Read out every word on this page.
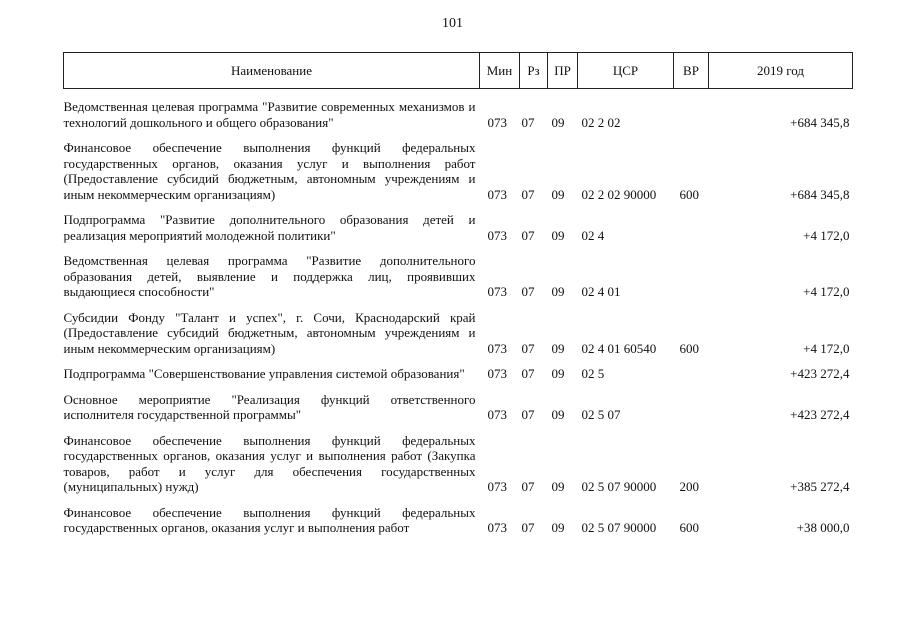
101
Наименование	Мин	Рз	ПР	ЦСР	ВР	2019 год
Ведомственная целевая программа "Развитие современных механизмов и технологий дошкольного и общего образования"	073	07	09	02 2 02		+684 345,8
Финансовое обеспечение выполнения функций федеральных государственных органов, оказания услуг и выполнения работ (Предоставление субсидий бюджетным, автономным учреждениям и иным некоммерческим организациям)	073	07	09	02 2 02 90000	600	+684 345,8
Подпрограмма "Развитие дополнительного образования детей и реализация мероприятий молодежной политики"	073	07	09	02 4		+4 172,0
Ведомственная целевая программа "Развитие дополнительного образования детей, выявление и поддержка лиц, проявивших выдающиеся способности"	073	07	09	02 4 01		+4 172,0
Субсидии Фонду "Талант и успех", г. Сочи, Краснодарский край (Предоставление субсидий бюджетным, автономным учреждениям и иным некоммерческим организациям)	073	07	09	02 4 01 60540	600	+4 172,0
Подпрограмма "Совершенствование управления системой образования"	073	07	09	02 5		+423 272,4
Основное мероприятие "Реализация функций ответственного исполнителя государственной программы"	073	07	09	02 5 07		+423 272,4
Финансовое обеспечение выполнения функций федеральных государственных органов, оказания услуг и выполнения работ (Закупка товаров, работ и услуг для обеспечения государственных (муниципальных) нужд)	073	07	09	02 5 07 90000	200	+385 272,4
Финансовое обеспечение выполнения функций федеральных государственных органов, оказания услуг и выполнения работ	073	07	09	02 5 07 90000	600	+38 000,0
